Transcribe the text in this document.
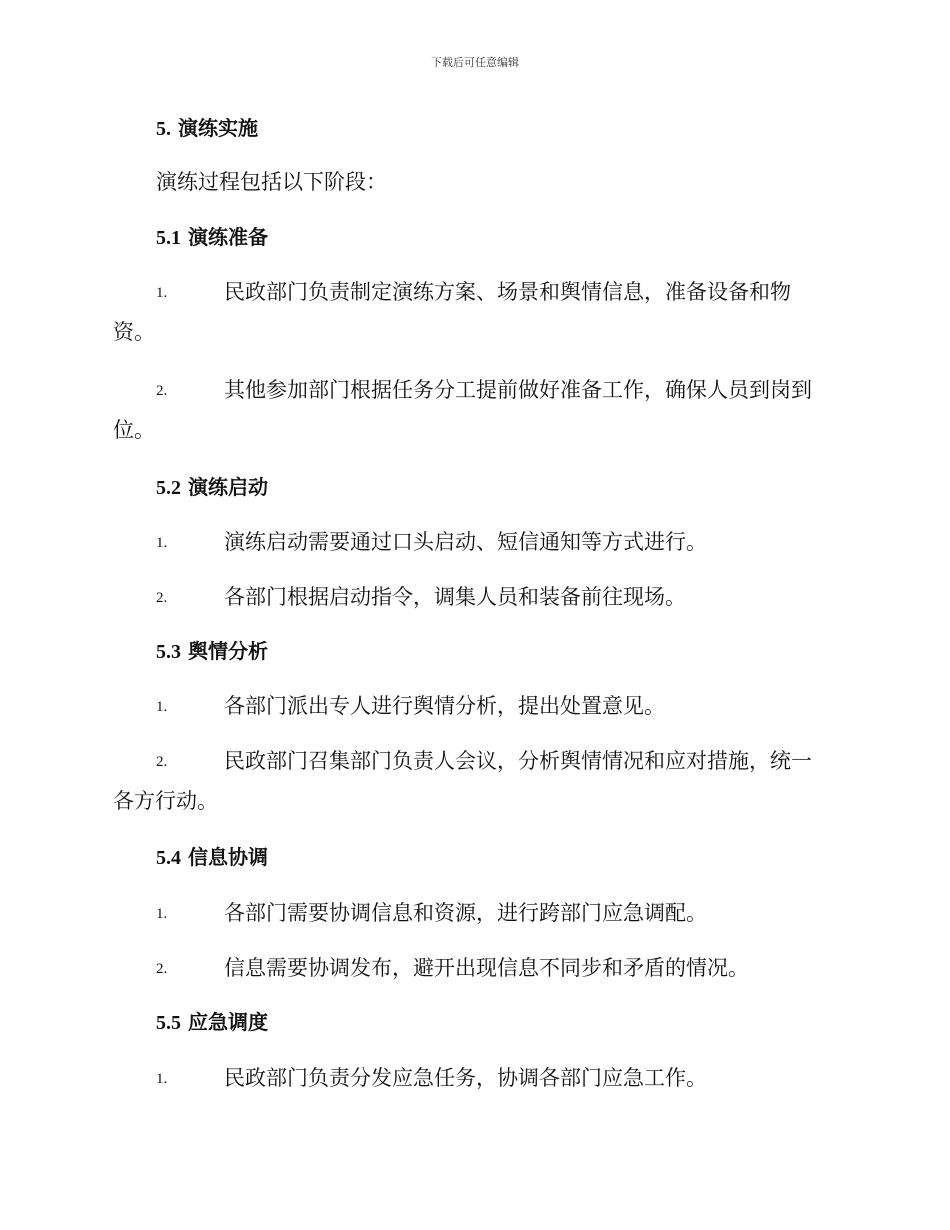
下载后可任意编辑
5. 演练实施
演练过程包括以下阶段：
5.1 演练准备
1.	民政部门负责制定演练方案、场景和舆情信息，准备设备和物
资。
2.	其他参加部门根据任务分工提前做好准备工作，确保人员到岗到
位。
5.2 演练启动
1.	演练启动需要通过口头启动、短信通知等方式进行。
2.	各部门根据启动指令，调集人员和装备前往现场。
5.3 舆情分析
1.	各部门派出专人进行舆情分析，提出处置意见。
2.	民政部门召集部门负责人会议，分析舆情情况和应对措施，统一
各方行动。
5.4 信息协调
1.	各部门需要协调信息和资源，进行跨部门应急调配。
2.	信息需要协调发布，避开出现信息不同步和矛盾的情况。
5.5 应急调度
1.	民政部门负责分发应急任务，协调各部门应急工作。
